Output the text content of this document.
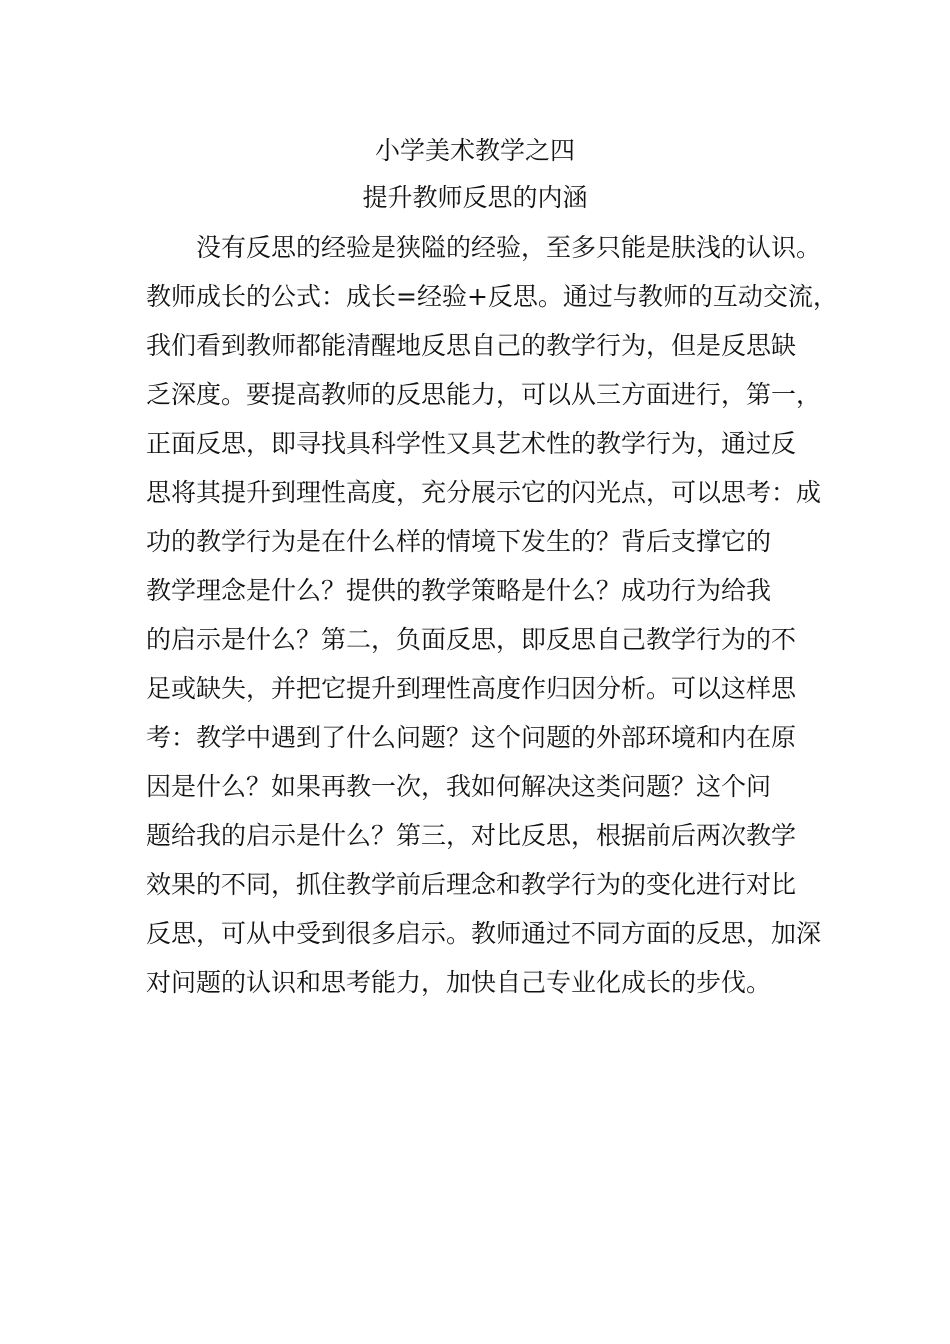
小学美术教学之四
提升教师反思的内涵
没有反思的经验是狭隘的经验，至多只能是肤浅的认识。
教师成长的公式：成长=经验+反思。通过与教师的互动交流，
我们看到教师都能清醒地反思自己的教学行为，但是反思缺
乏深度。要提高教师的反思能力，可以从三方面进行，第一，
正面反思，即寻找具科学性又具艺术性的教学行为，通过反
思将其提升到理性高度，充分展示它的闪光点，可以思考：成
功的教学行为是在什么样的情境下发生的？背后支撑它的
教学理念是什么？提供的教学策略是什么？成功行为给我
的启示是什么？第二，负面反思，即反思自己教学行为的不
足或缺失，并把它提升到理性高度作归因分析。可以这样思
考：教学中遇到了什么问题？这个问题的外部环境和内在原
因是什么？如果再教一次，我如何解决这类问题？这个问
题给我的启示是什么？第三，对比反思，根据前后两次教学
效果的不同，抓住教学前后理念和教学行为的变化进行对比
反思，可从中受到很多启示。教师通过不同方面的反思，加深
对问题的认识和思考能力，加快自己专业化成长的步伐。
